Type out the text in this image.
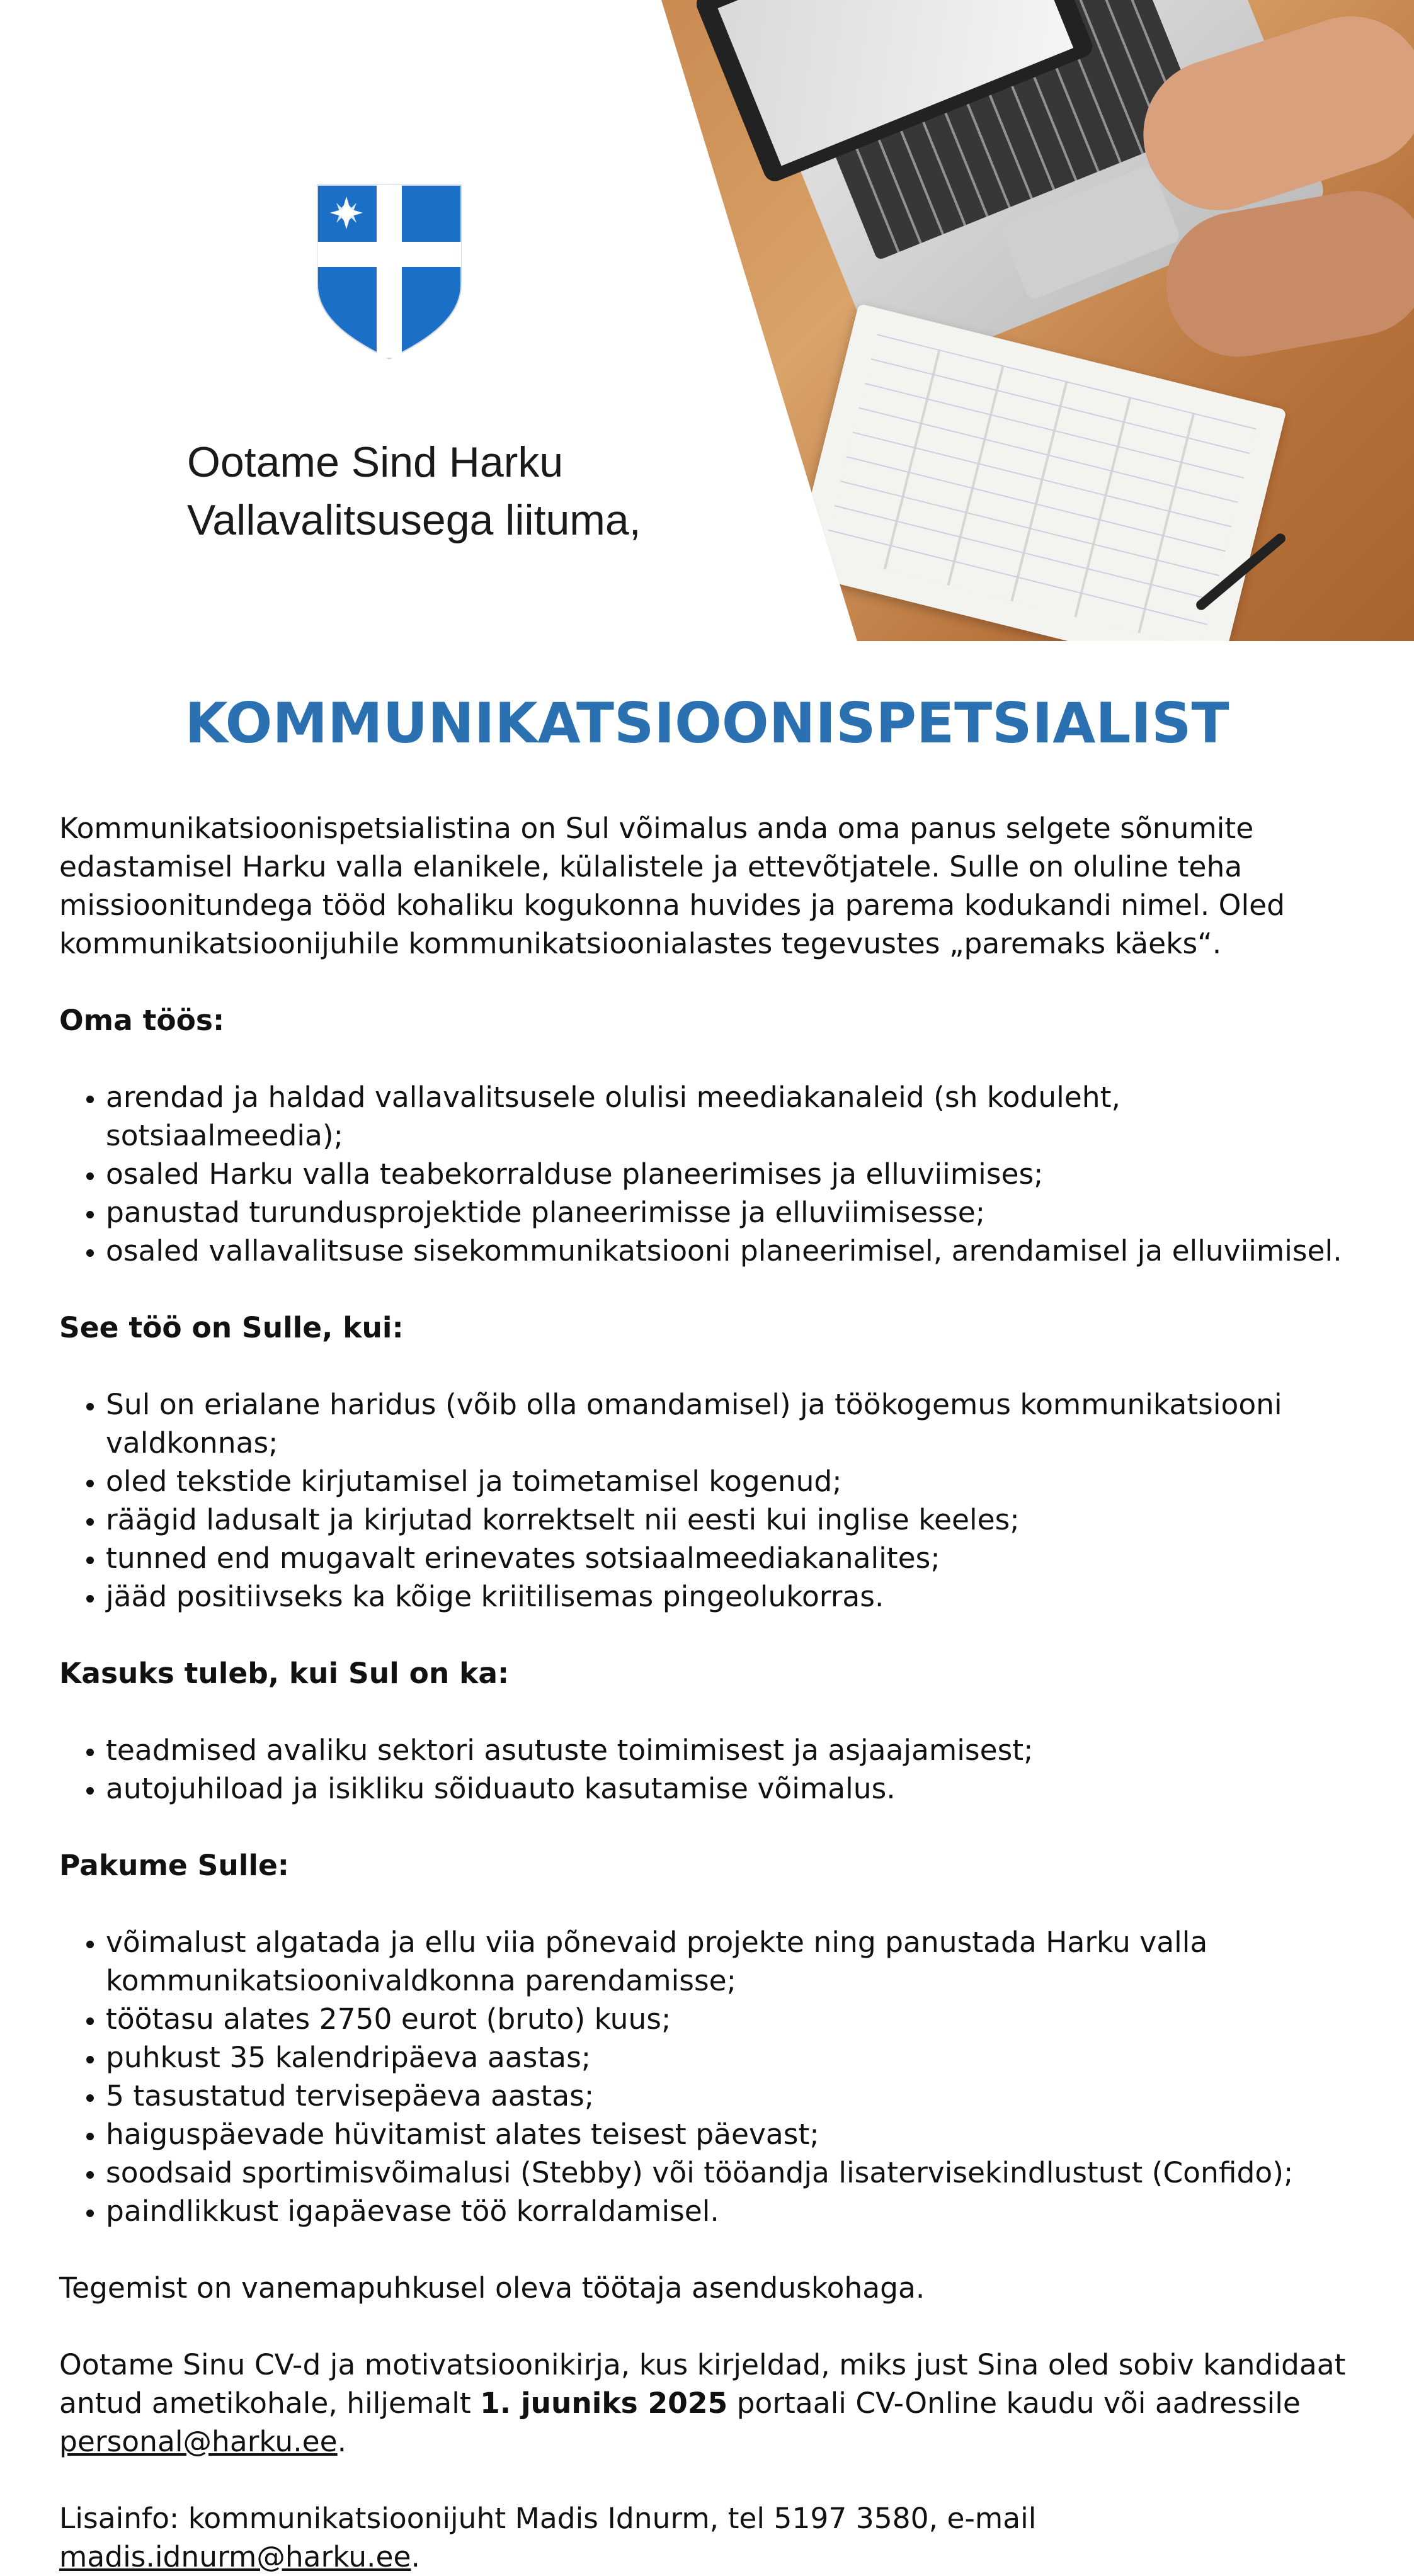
Ootame Sind Harku
Vallavalitsusega liituma,
KOMMUNIKATSIOONISPETSIALIST

Kommunikatsioonispetsialistina on Sul võimalus anda oma panus selgete sõnumite edastamisel Harku valla elanikele, külalistele ja ettevõtjatele. Sulle on oluline teha missioonitundega tööd kohaliku kogukonna huvides ja parema kodukandi nimel. Oled kommunikatsioonijuhile kommunikatsioonialastes tegevustes „paremaks käeks“.

Oma töös:
• arendad ja haldad vallavalitsusele olulisi meediakanaleid (sh koduleht, sotsiaalmeedia);
• osaled Harku valla teabekorralduse planeerimises ja elluviimises;
• panustad turundusprojektide planeerimisse ja elluviimisesse;
• osaled vallavalitsuse sisekommunikatsiooni planeerimisel, arendamisel ja elluviimisel.
See töö on Sulle, kui:
• Sul on erialane haridus (võib olla omandamisel) ja töökogemus kommunikatsiooni valdkonnas;
• oled tekstide kirjutamisel ja toimetamisel kogenud;
• räägid ladusalt ja kirjutad korrektselt nii eesti kui inglise keeles;
• tunned end mugavalt erinevates sotsiaalmeediakanalites;
• jääd positiivseks ka kõige kriitilisemas pingeolukorras.
Kasuks tuleb, kui Sul on ka:
• teadmised avaliku sektori asutuste toimimisest ja asjaajamisest;
• autojuhiload ja isikliku sõiduauto kasutamise võimalus.
Pakume Sulle:
• võimalust algatada ja ellu viia põnevaid projekte ning panustada Harku valla kommunikatsioonivaldkonna parendamisse;
• töötasu alates 2750 eurot (bruto) kuus;
• puhkust 35 kalendripäeva aastas;
• 5 tasustatud tervisepäeva aastas;
• haiguspäevade hüvitamist alates teisest päevast;
• soodsaid sportimisvõimalusi (Stebby) või tööandja lisatervisekindlustust (Confido);
• paindlikkust igapäevase töö korraldamisel.

Tegemist on vanemapuhkusel oleva töötaja asenduskohaga.

Ootame Sinu CV-d ja motivatsioonikirja, kus kirjeldad, miks just Sina oled sobiv kandidaat antud ametikohale, hiljemalt 1. juuniks 2025 portaali CV-Online kaudu või aadressile personal@harku.ee.

Lisainfo: kommunikatsioonijuht Madis Idnurm, tel 5197 3580, e-mail madis.idnurm@harku.ee.
